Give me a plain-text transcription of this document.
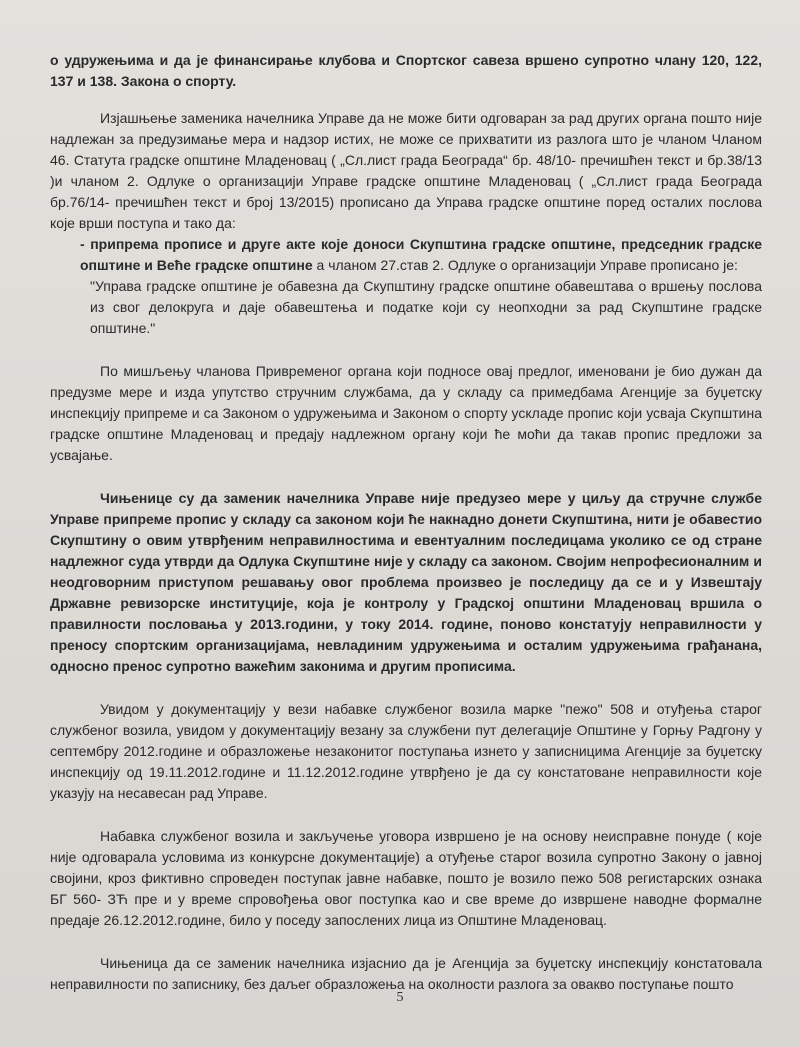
о удружењима и да је финансирање клубова и Спортског савеза вршено супротно члану 120, 122, 137 и 138. Закона о спорту.

Изјашњење заменика начелника Управе да не може бити одговаран за рад других органа пошто није надлежан за предузимање мера и надзор истих, не може се прихватити из разлога што је чланом Чланом 46. Статута градске општине Младеновац ( „Сл.лист града Београда“ бр. 48/10- пречишћен текст и бр.38/13 )и чланом 2. Одлуке о организацији Управе градске општине Младеновац ( „Сл.лист града Београда бр.76/14- пречишћен текст и број 13/2015) прописано да Управа градске општине поред осталих послова које врши поступа и тако да:

- припрема прописе и друге акте које доноси Скупштина градске општине, председник градске општине и Веће градске општине а чланом 27.став 2. Одлуке о организацији Управе прописано је:

"Управа градске општине је обавезна да Скупштину градске општине обавештава о вршењу послова из свог делокруга и даје обавештења и податке који су неопходни за рад Скупштине градске општине."

По мишљењу чланова Привременог органа који подносе овај предлог, именовани је био дужан да предузме мере и изда упутство стручним службама, да у складу са примедбама Агенције за буџетску инспекцију припреме и са Законом о удружењима и Законом о спорту ускладе пропис који усваја Скупштина градске општине Младеновац и предају надлежном органу који ће моћи да такав пропис предложи за усвајање.

Чињенице су да заменик начелника Управе није предузео мере у циљу да стручне службе Управе припреме пропис у складу са законом који ће накнадно донети Скупштина, нити је обавестио Скупштину о овим утврђеним неправилностима и евентуалним последицама уколико се од стране надлежног суда утврди да Одлука Скупштине није у складу са законом. Својим непрофесионалним и неодговорним приступом решавању овог проблема произвео је последицу да се и у Извештају Државне ревизорске институције, која је контролу у Градској општини Младеновац вршила о правилности пословања у 2013.години, у току 2014. године, поново констатују неправилности у преносу спортским организацијама, невладиним удружењима и осталим удружењима грађанана, односно пренос супротно важећим законима и другим прописима.

Увидом у документацију у вези набавке службеног возила марке "пежо" 508 и отуђења старог службеног возила, увидом у документацију везану за службени пут делегације Општине у Горњу Радгону у септембру 2012.године и образложење незаконитог поступања изнето у записницима Агенције за буџетску инспекцију од 19.11.2012.године и 11.12.2012.године утврђено је да су констатоване неправилности које указују на несавесан рад Управе.

Набавка службеног возила и закључење уговора извршено је на основу неисправне понуде ( које није одговарала условима из конкурсне документације) а отуђење старог возила супротно Закону о јавној својини, кроз фиктивно спроведен поступак јавне набавке, пошто је возило пежо 508 регистарских ознака БГ 560- ЗЋ пре и у време спровођења овог поступка као и све време до извршене наводне формалне предаје 26.12.2012.године, било у поседу запослених лица из Општине Младеновац.

Чињеница да се заменик начелника изјаснио да је Агенција за буџетску инспекцију констатовала неправилности по записнику, без даљег образложења на околности разлога за овакво поступање пошто

5
